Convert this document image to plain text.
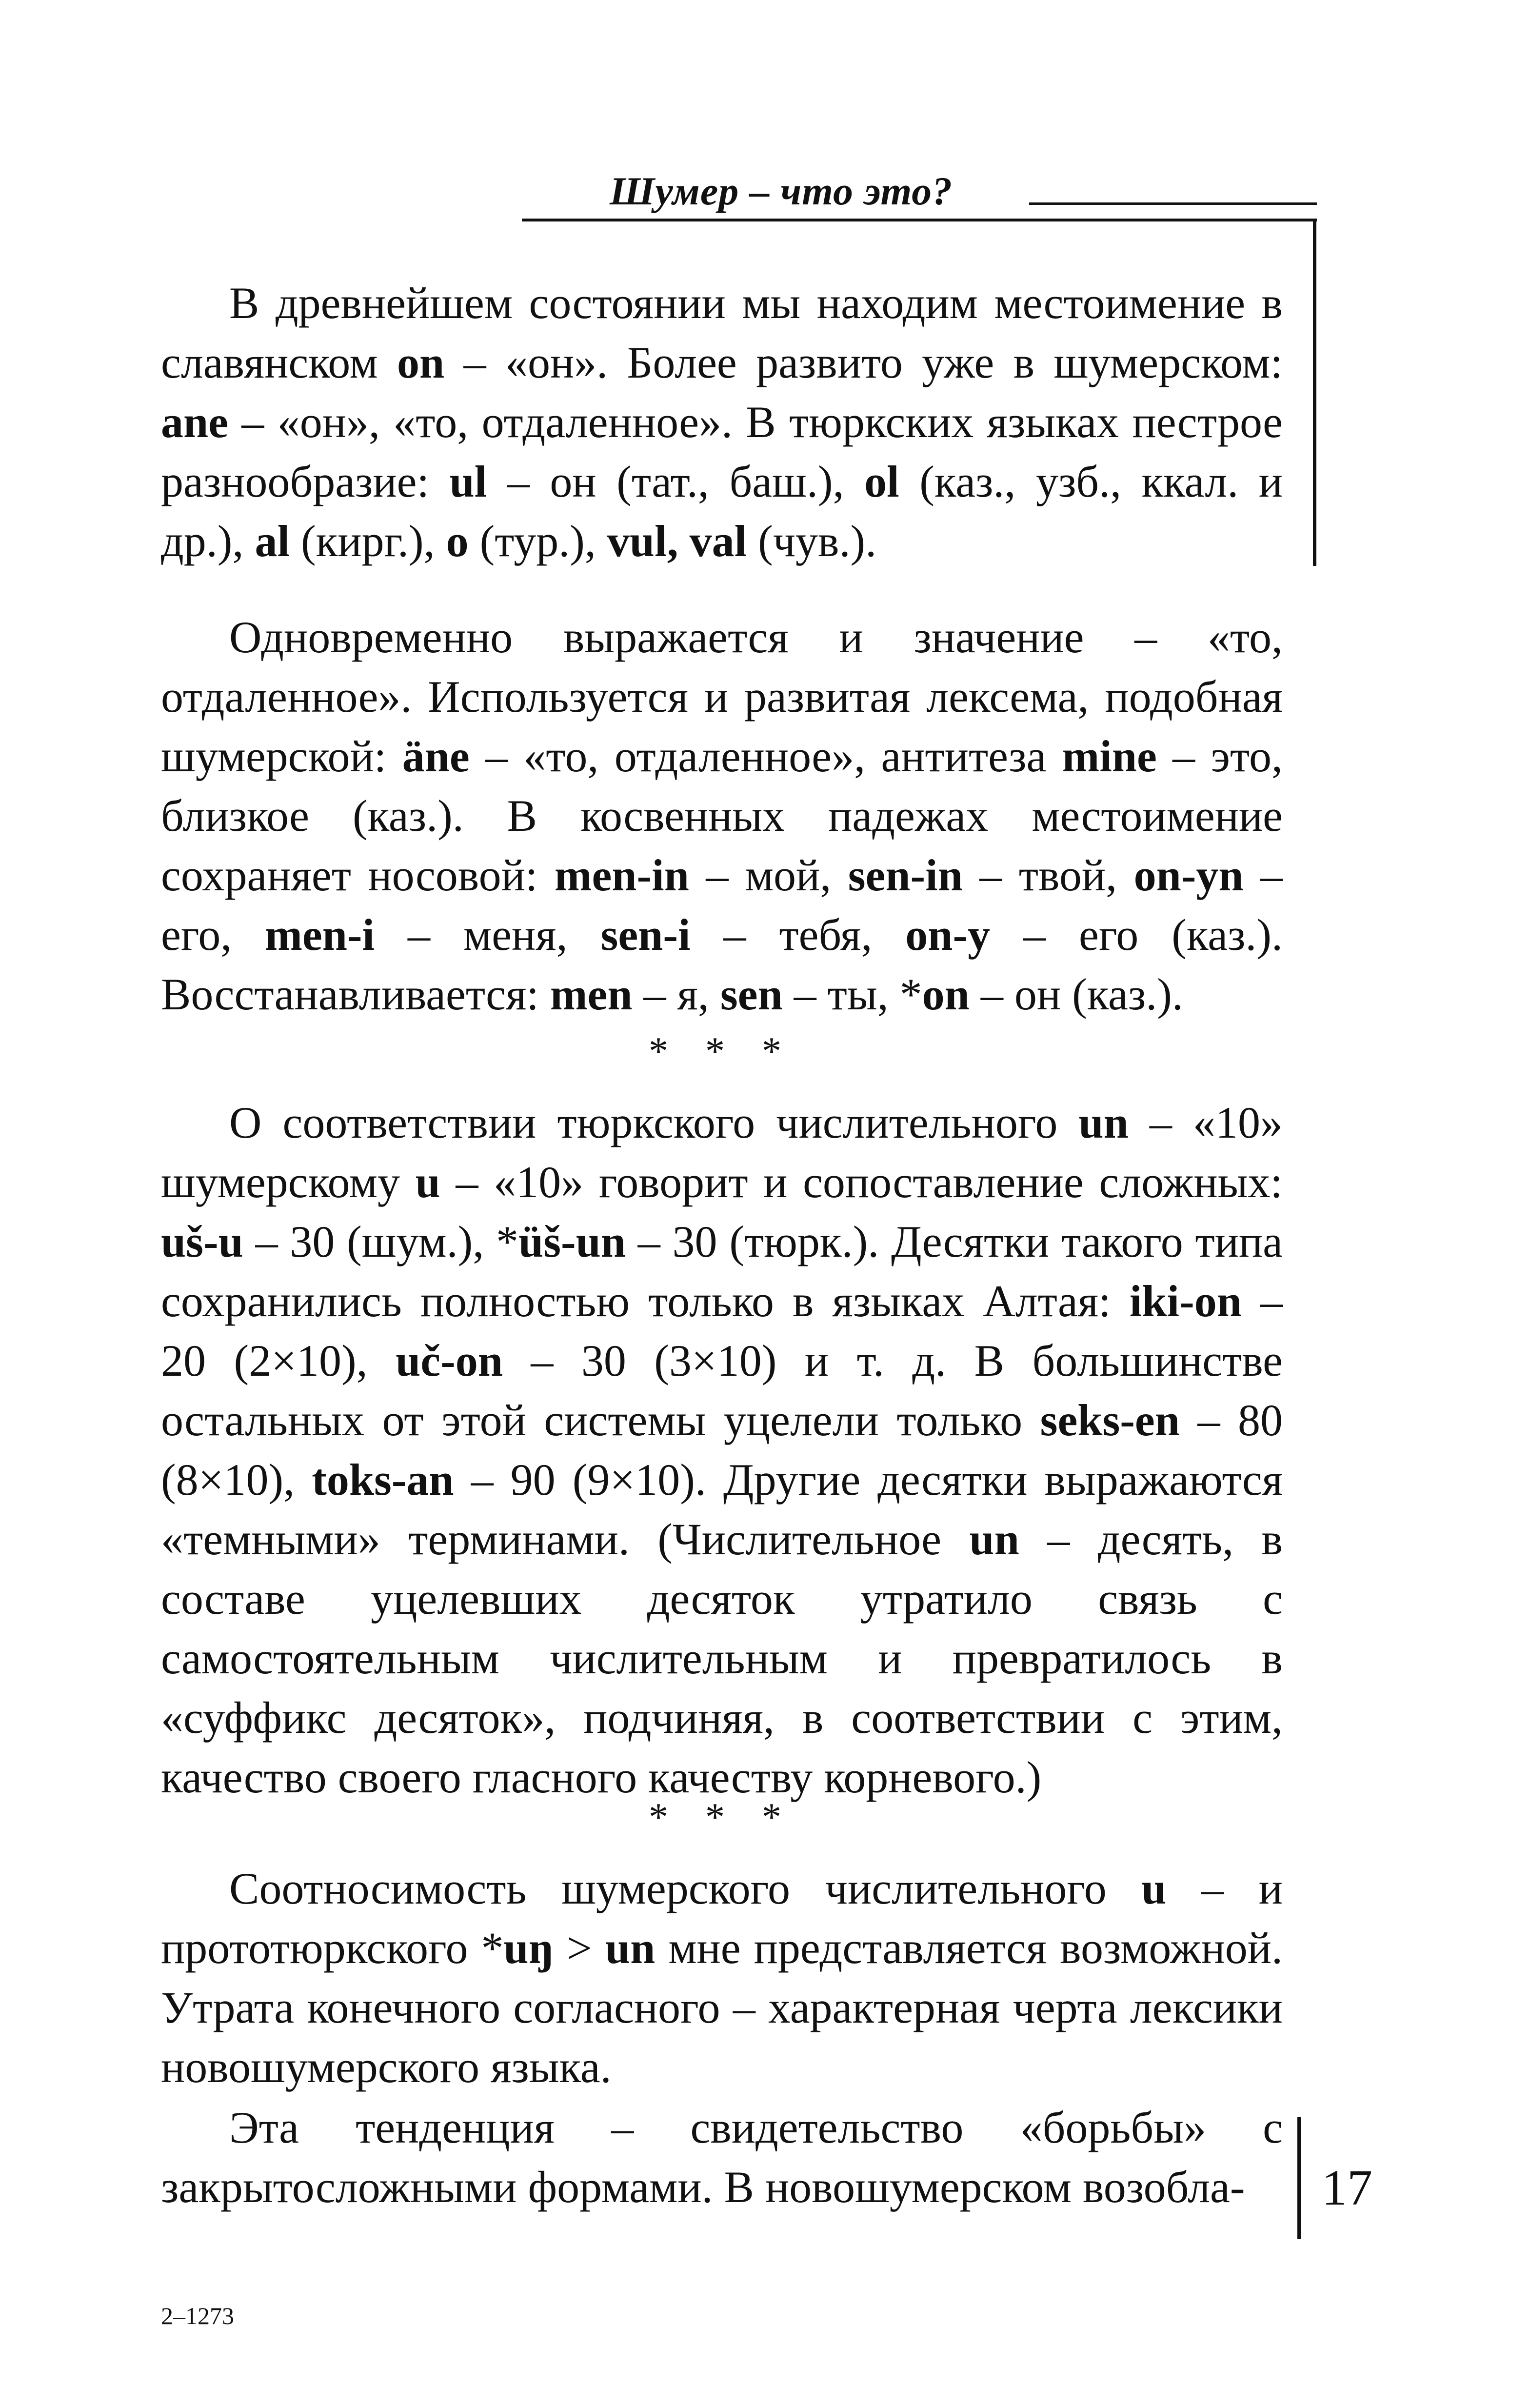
Шумер – что это?

В древнейшем состоянии мы находим местоимение в славянском on – «он». Более развито уже в шумерском: ane – «он», «то, отдаленное». В тюркских языках пестрое разнообразие: ul – он (тат., баш.), ol (каз., узб., ккал. и др.), al (кирг.), o (тур.), vul, val (чув.).

Одновременно выражается и значение – «то, отдаленное». Используется и развитая лексема, подобная шумерской: äne – «то, отдаленное», антитеза mine – это, близкое (каз.). В косвенных падежах местоимение сохраняет носовой: men-in – мой, sen-in – твой, on-yn – его, men-i – меня, sen-i – тебя, on-y – его (каз.). Восстанавливается: men – я, sen – ты, *on – он (каз.).

* * *

О соответствии тюркского числительного un – «10» шумерскому u – «10» говорит и сопоставление сложных: uš-u – 30 (шум.), *üš-un – 30 (тюрк.). Десятки такого типа сохранились полностью только в языках Алтая: iki-on – 20 (2×10), uč-on – 30 (3×10) и т. д. В большинстве остальных от этой системы уцелели только seks-en – 80 (8×10), toks-an – 90 (9×10). Другие десятки выражаются «темными» терминами. (Числительное un – десять, в составе уцелевших десяток утратило связь с самостоятельным числительным и превратилось в «суффикс десяток», подчиняя, в соответствии с этим, качество своего гласного качеству корневого.)

* * *

Соотносимость шумерского числительного u – и прототюркского *uŋ > un мне представляется возможной. Утрата конечного согласного – характерная черта лексики новошумерского языка.

Эта тенденция – свидетельство «борьбы» с закрытосложными формами. В новошумерском возобла-	17
2–1273
